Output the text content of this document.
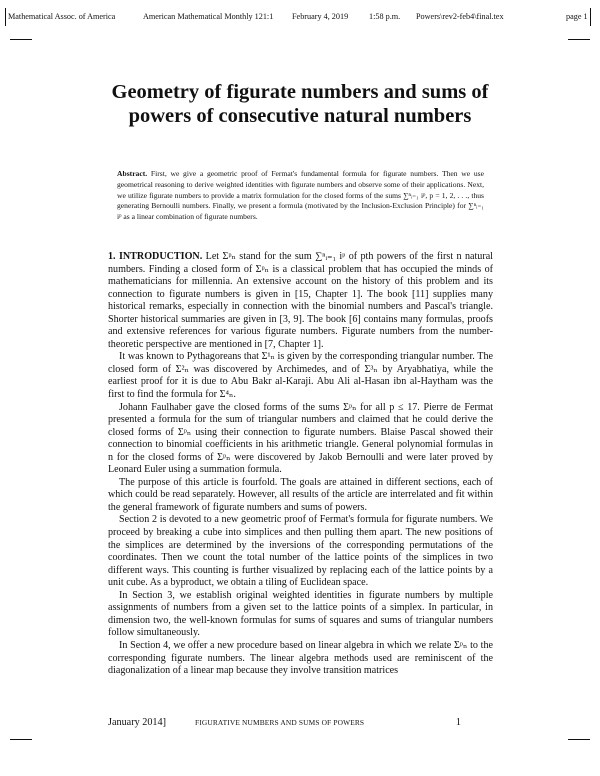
Mathematical Assoc. of America	American Mathematical Monthly 121:1 February 4, 2019	1:58 p.m. Powers\rev2-feb4\final.tex	page 1
Geometry of figurate numbers and sums of powers of consecutive natural numbers
Abstract. First, we give a geometric proof of Fermat's fundamental formula for figurate numbers. Then we use geometrical reasoning to derive weighted identities with figurate numbers and observe some of their applications. Next, we utilize figurate numbers to provide a matrix formulation for the closed forms of the sums ∑ⁿᵢ₌₁ iᵖ, p = 1, 2, . . ., thus generating Bernoulli numbers. Finally, we present a formula (motivated by the Inclusion-Exclusion Principle) for ∑ⁿᵢ₌₁ iᵖ as a linear combination of figurate numbers.

1. INTRODUCTION. Let Σᵖₙ stand for the sum ∑ⁿᵢ₌₁ iᵖ of pth powers of the first n natural numbers. Finding a closed form of Σᵖₙ is a classical problem that has occupied the minds of mathematicians for millennia. An extensive account on the history of this problem and its connection to figurate numbers is given in [15, Chapter 1]. The book [11] supplies many historical remarks, especially in connection with the binomial numbers and Pascal's triangle. Shorter historical summaries are given in [3, 9]. The book [6] contains many formulas, proofs and extensive references for various figurate numbers. Figurate numbers from the number-theoretic perspective are mentioned in [7, Chapter 1].

It was known to Pythagoreans that Σ¹ₙ is given by the corresponding triangular number. The closed form of Σ²ₙ was discovered by Archimedes, and of Σ³ₙ by Aryabhatiya, while the earliest proof for it is due to Abu Bakr al-Karaji. Abu Ali al-Hasan ibn al-Haytham was the first to find the formula for Σ⁴ₙ.

Johann Faulhaber gave the closed forms of the sums Σᵖₙ for all p ≤ 17. Pierre de Fermat presented a formula for the sum of triangular numbers and claimed that he could derive the closed forms of Σᵖₙ using their connection to figurate numbers. Blaise Pascal showed their connection to binomial coefficients in his arithmetic triangle. General polynomial formulas in n for the closed forms of Σᵖₙ were discovered by Jakob Bernoulli and were later proved by Leonard Euler using a summation formula.

The purpose of this article is fourfold. The goals are attained in different sections, each of which could be read separately. However, all results of the article are interrelated and fit within the general framework of figurate numbers and sums of powers.

Section 2 is devoted to a new geometric proof of Fermat's formula for figurate numbers. We proceed by breaking a cube into simplices and then pulling them apart. The new positions of the simplices are determined by the inversions of the corresponding permutations of the coordinates. Then we count the total number of the lattice points of the simplices in two different ways. This counting is further visualized by replacing each of the lattice points by a unit cube. As a byproduct, we obtain a tiling of Euclidean space.

In Section 3, we establish original weighted identities in figurate numbers by multiple assignments of numbers from a given set to the lattice points of a simplex. In particular, in dimension two, the well-known formulas for sums of squares and sums of triangular numbers follow simultaneously.

In Section 4, we offer a new procedure based on linear algebra in which we relate Σᵖₙ to the corresponding figurate numbers. The linear algebra methods used are reminiscent of the diagonalization of a linear map because they involve transition matrices

January 2014]	FIGURATIVE NUMBERS AND SUMS OF POWERS	1
